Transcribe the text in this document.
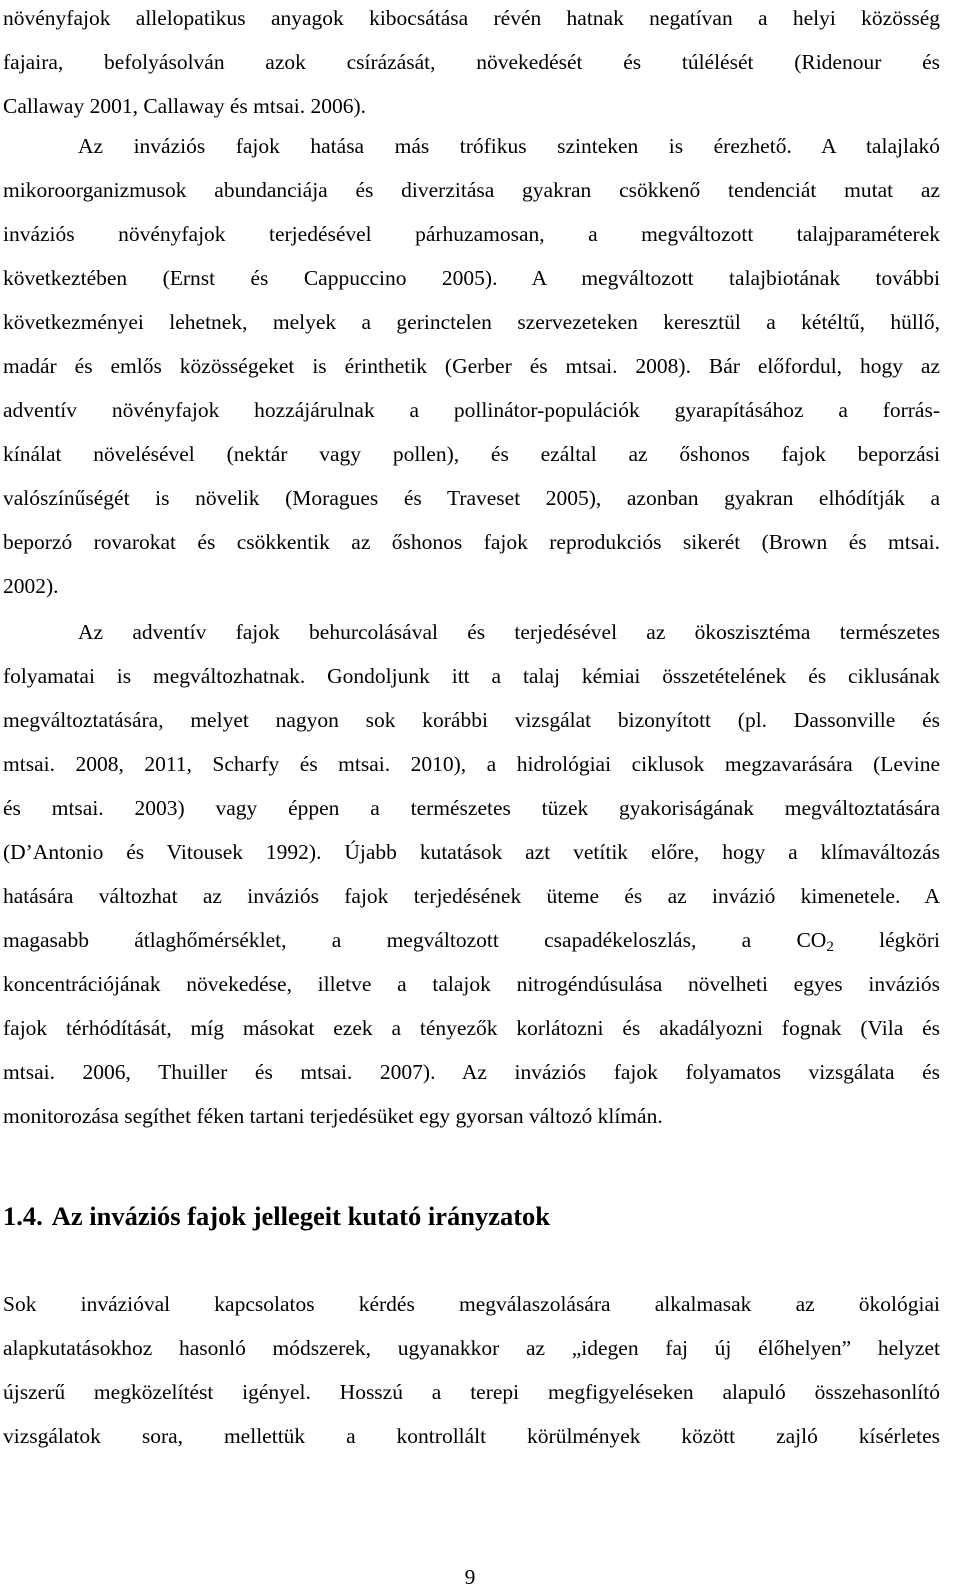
növényfajok allelopatikus anyagok kibocsátása révén hatnak negatívan a helyi közösség
fajaira, befolyásolván azok csírázását, növekedését és túlélését (Ridenour és
Callaway 2001, Callaway és mtsai. 2006).
Az inváziós fajok hatása más trófikus szinteken is érezhető. A talajlakó
mikoroorganizmusok abundanciája és diverzitása gyakran csökkenő tendenciát mutat az
inváziós növényfajok terjedésével párhuzamosan, a megváltozott talajparaméterek
következtében (Ernst és Cappuccino 2005). A megváltozott talajbiotának további
következményei lehetnek, melyek a gerinctelen szervezeteken keresztül a kétéltű, hüllő,
madár és emlős közösségeket is érinthetik (Gerber és mtsai. 2008). Bár előfordul, hogy az
adventív növényfajok hozzájárulnak a pollinátor-populációk gyarapításához a forrás-
kínálat növelésével (nektár vagy pollen), és ezáltal az őshonos fajok beporzási
valószínűségét is növelik (Moragues és Traveset 2005), azonban gyakran elhódítják a
beporzó rovarokat és csökkentik az őshonos fajok reprodukciós sikerét (Brown és mtsai.
2002).
Az adventív fajok behurcolásával és terjedésével az ökoszisztéma természetes
folyamatai is megváltozhatnak. Gondoljunk itt a talaj kémiai összetételének és ciklusának
megváltoztatására, melyet nagyon sok korábbi vizsgálat bizonyított (pl. Dassonville és
mtsai. 2008, 2011, Scharfy és mtsai. 2010), a hidrológiai ciklusok megzavarására (Levine
és mtsai. 2003) vagy éppen a természetes tüzek gyakoriságának megváltoztatására
(D’Antonio és Vitousek 1992). Újabb kutatások azt vetítik előre, hogy a klímaváltozás
hatására változhat az inváziós fajok terjedésének üteme és az invázió kimenetele. A
magasabb átlaghőmérséklet, a megváltozott csapadékeloszlás, a $CO_2$ légköri
koncentrációjának növekedése, illetve a talajok nitrogéndúsulása növelheti egyes inváziós
fajok térhódítását, míg másokat ezek a tényezők korlátozni és akadályozni fognak (Vila és
mtsai. 2006, Thuiller és mtsai. 2007). Az inváziós fajok folyamatos vizsgálata és
monitorozása segíthet féken tartani terjedésüket egy gyorsan változó klímán.
1.4. Az inváziós fajok jellegeit kutató irányzatok
Sok invázióval kapcsolatos kérdés megválaszolására alkalmasak az ökológiai
alapkutatásokhoz hasonló módszerek, ugyanakkor az „idegen faj új élőhelyen” helyzet
újszerű megközelítést igényel. Hosszú a terepi megfigyeléseken alapuló összehasonlító
vizsgálatok sora, mellettük a kontrollált körülmények között zajló kísérletes
9
